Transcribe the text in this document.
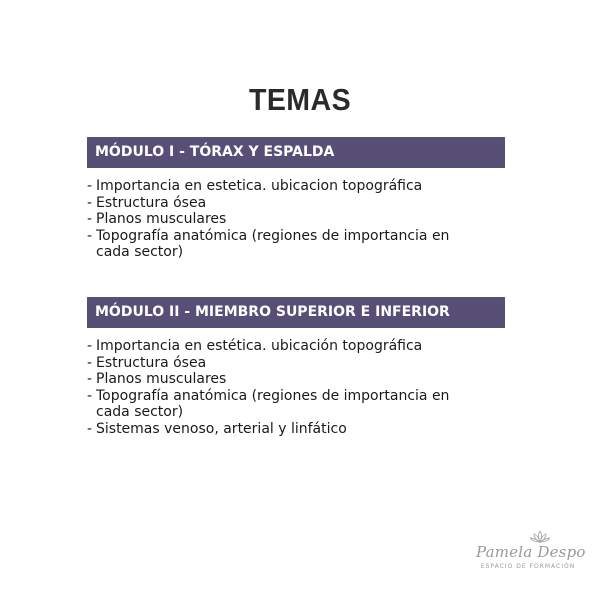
TEMAS
MÓDULO I - TÓRAX Y ESPALDA
- Importancia en estetica. ubicacion topográfica
- Estructura ósea
- Planos musculares
- Topografía anatómica (regiones de importancia en cada sector)
MÓDULO II - MIEMBRO SUPERIOR E INFERIOR
- Importancia en estética. ubicación topográfica
- Estructura ósea
- Planos musculares
- Topografía anatómica (regiones de importancia en cada sector)
- Sistemas venoso, arterial y linfático
Pamela Despo
ESPACIO DE FORMACIÓN
